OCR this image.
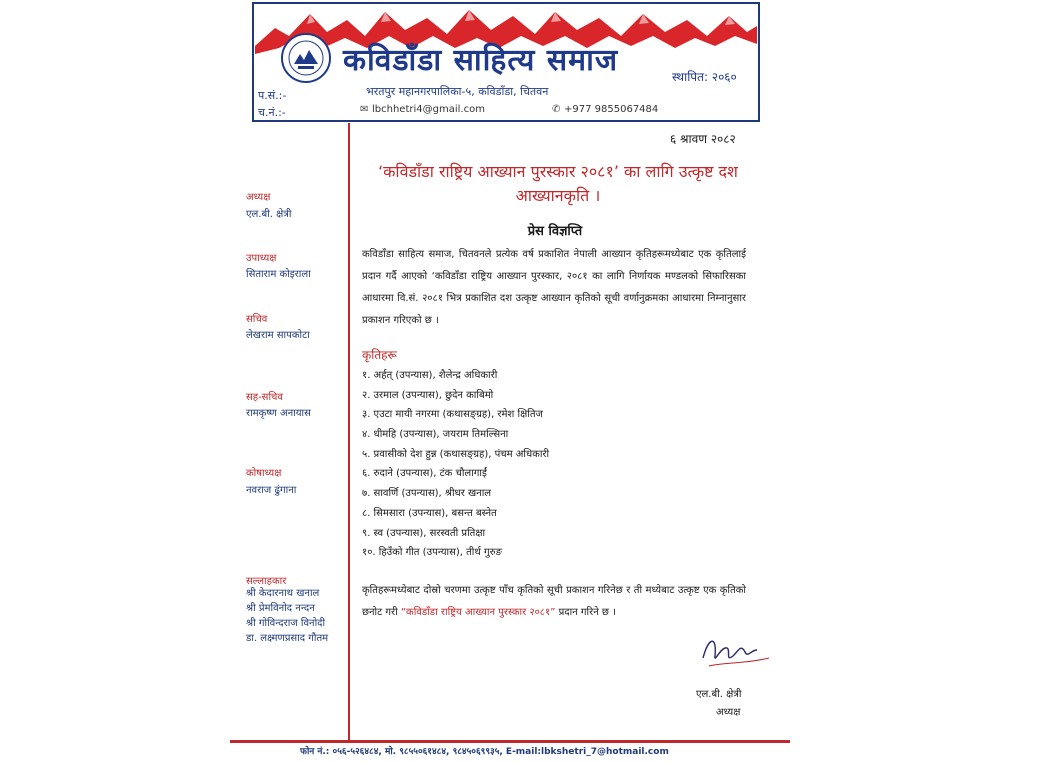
कविडाँडा साहित्य समाज	स्थापित: २०६०
प.सं.:-
च.नं.:-
भरतपुर महानगरपालिका-५, कविडाँडा, चितवन
✉ lbchhetri4@gmail.com	✆ +977 9855067484
६ श्रावण २०८२
अध्यक्ष
एल.बी. क्षेत्री
उपाध्यक्ष
सिताराम कोइराला
सचिव
लेखराम सापकोटा
सह-सचिव
रामकृष्ण अनायास
कोषाध्यक्ष
नवराज ढुंगाना
सल्लाहकार
श्री केदारनाथ खनाल
श्री प्रेमविनोद नन्दन
श्री गोविन्दराज विनोदी
डा. लक्ष्मणप्रसाद गौतम
‘कविडाँडा राष्ट्रिय आख्यान पुरस्कार २०८१’ का लागि उत्कृष्ट दश आख्यानकृति ।
प्रेस विज्ञप्ति
कविडाँडा साहित्य समाज, चितवनले प्रत्येक वर्ष प्रकाशित नेपाली आख्यान कृतिहरूमध्येबाट एक कृतिलाई प्रदान गर्दै आएको ‘कविडाँडा राष्ट्रिय आख्यान पुरस्कार, २०८१ का लागि निर्णायक मण्डलको सिफारिसका आधारमा वि.सं. २०८१ भित्र प्रकाशित दश उत्कृष्ट आख्यान कृतिको सूची वर्णानुक्रमका आधारमा निम्नानुसार प्रकाशन गरिएको छ ।
कृतिहरू
१. अर्हत् (उपन्यास), शैलेन्द्र अधिकारी
२. उरमाल (उपन्यास), छुदेन काबिमो
३. एउटा मायी नगरमा (कथासङ्ग्रह), रमेश क्षितिज
४. धीमहि (उपन्यास), जयराम तिमल्सिना
५. प्रवासीको देश हुन्न (कथासङ्ग्रह), पंचम अधिकारी
६. रुदाने (उपन्यास), टंक चौलागाईं
७. सावर्णि (उपन्यास), श्रीधर खनाल
८. सिमसारा (उपन्यास), बसन्त बस्नेत
९. स्व (उपन्यास), सरस्वती प्रतिक्षा
१०. हिउँको गीत (उपन्यास), तीर्थ गुरुङ
कृतिहरूमध्येबाट दोस्रो चरणमा उत्कृष्ट पाँच कृतिको सूची प्रकाशन गरिनेछ र ती मध्येबाट उत्कृष्ट एक कृतिको छनोट गरी “कविडाँडा राष्ट्रिय आख्यान पुरस्कार २०८१” प्रदान गरिने छ ।
एल.बी. क्षेत्री
अध्यक्ष
फोन नं.: ०५६-५२६४८४, मो. ९८५५०६१४८४, ९८४५०६९९३५, E-mail:lbkshetri_7@hotmail.com
